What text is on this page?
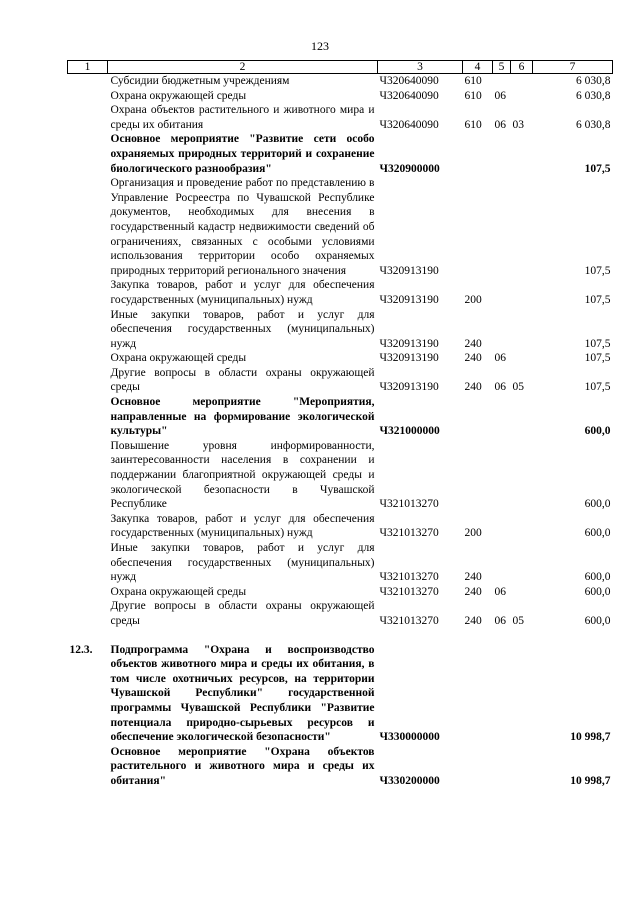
123
1	2	3	4	5	6	7
	Субсидии бюджетным учреждениям	Ч320640090	610			6 030,8
	Охрана окружающей среды	Ч320640090	610	06		6 030,8
	Охрана объектов растительного и животного мира и среды их обитания	Ч320640090	610	06	03	6 030,8
	Основное мероприятие "Развитие сети особо охраняемых природных территорий и сохранение биологического разнообразия"	Ч320900000				107,5
	Организация и проведение работ по представлению в Управление Росреестра по Чувашской Республике документов, необходимых для внесения в государственный кадастр недвижимости сведений об ограничениях, связанных с особыми условиями использования территории особо охраняемых природных территорий регионального значения	Ч320913190				107,5
	Закупка товаров, работ и услуг для обеспечения государственных (муниципальных) нужд	Ч320913190	200			107,5
	Иные закупки товаров, работ и услуг для обеспечения государственных (муниципальных) нужд	Ч320913190	240			107,5
	Охрана окружающей среды	Ч320913190	240	06		107,5
	Другие вопросы в области охраны окружающей среды	Ч320913190	240	06	05	107,5
	Основное мероприятие "Мероприятия, направленные на формирование экологической культуры"	Ч321000000				600,0
	Повышение уровня информированности, заинтересованности населения в сохранении и поддержании благоприятной окружающей среды и экологической безопасности в Чувашской Республике	Ч321013270				600,0
	Закупка товаров, работ и услуг для обеспечения государственных (муниципальных) нужд	Ч321013270	200			600,0
	Иные закупки товаров, работ и услуг для обеспечения государственных (муниципальных) нужд	Ч321013270	240			600,0
	Охрана окружающей среды	Ч321013270	240	06		600,0
	Другие вопросы в области охраны окружающей среды	Ч321013270	240	06	05	600,0

12.3.	Подпрограмма "Охрана и воспроизводство объектов животного мира и среды их обитания, в том числе охотничьих ресурсов, на территории Чувашской Республики" государственной программы Чувашской Республики "Развитие потенциала природно-сырьевых ресурсов и обеспечение экологической безопасности"	Ч330000000				10 998,7
	Основное мероприятие "Охрана объектов растительного и животного мира и среды их обитания"	Ч330200000				10 998,7
